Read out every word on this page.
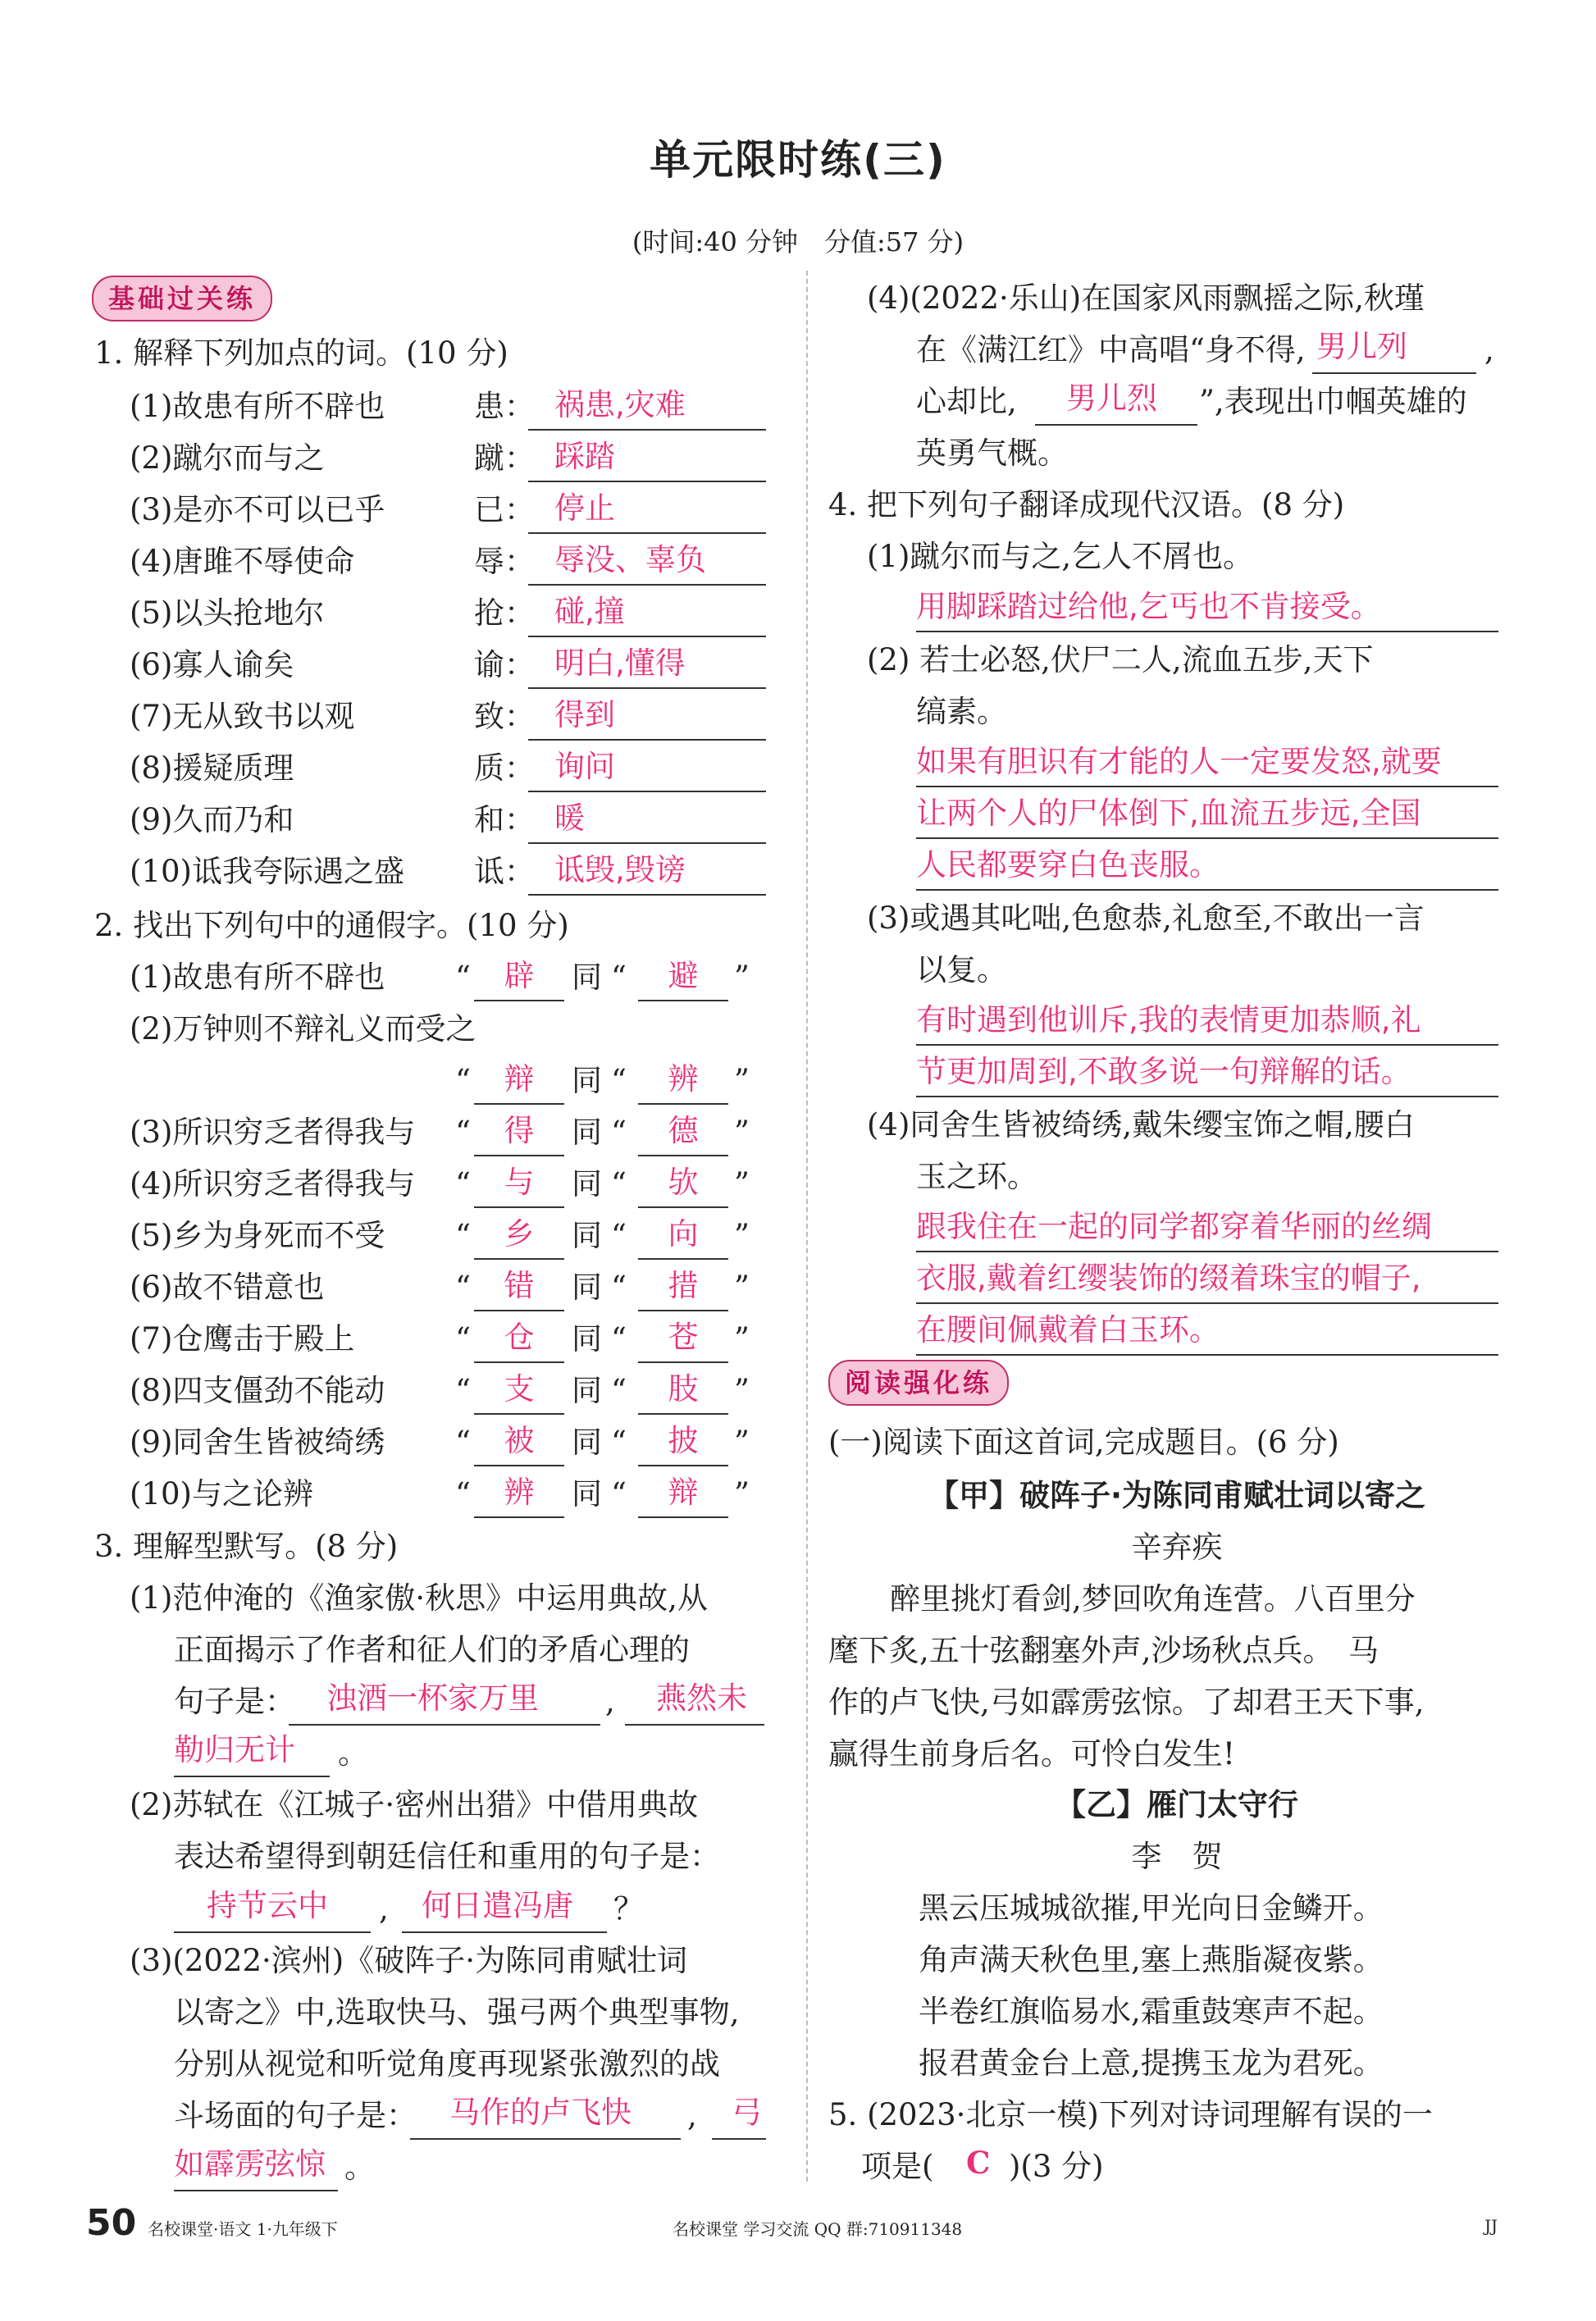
单元限时练(三)
(时间:40 分钟　分值:57 分)
基础过关练
1. 解释下列加点的词。(10 分)
(1)故患有所不辟也	患： 祸患,灾难
(2)蹴尔而与之	蹴： 踩踏
(3)是亦不可以已乎	已： 停止
(4)唐雎不辱使命	辱： 辱没、辜负
(5)以头抢地尔	抢： 碰,撞
(6)寡人谕矣	谕： 明白,懂得
(7)无从致书以观	致： 得到
(8)援疑质理	质： 询问
(9)久而乃和	和： 暖
(10)诋我夸际遇之盛 诋： 诋毁,毁谤
2. 找出下列句中的通假字。(10 分)
(1)故患有所不辟也 “	辟	同 “	避	”
(2)万钟则不辩礼义而受之
“	辩	同 “	辨	”
(3)所识穷乏者得我与 “	得	同 “	德	”
(4)所识穷乏者得我与 “	与	同 “	欤	”
(5)乡为身死而不受 “	乡	同 “	向	”
(6)故不错意也	“	错	同 “	措	”
(7)仓鹰击于殿上	“	仓	同 “	苍	”
(8)四支僵劲不能动 “	支	同 “	肢	”
(9)同舍生皆被绮绣 “	被	同 “	披	”
(10)与之论辨	“	辨	同 “	辩	”
3. 理解型默写。(8 分)
(1)范仲淹的《渔家傲·秋思》中运用典故,从
正面揭示了作者和征人们的矛盾心理的
句子是： 浊酒一杯家万里 , 燕然未
勒归无计 。
(2)苏轼在《江城子·密州出猎》中借用典故
表达希望得到朝廷信任和重用的句子是：
持节云中 , 何日遣冯唐 ？
(3)(2022·滨州)《破阵子·为陈同甫赋壮词
以寄之》中,选取快马、强弓两个典型事物,
分别从视觉和听觉角度再现紧张激烈的战
斗场面的句子是： 马作的卢飞快 , 弓
如霹雳弦惊 。
(4)(2022·乐山)在国家风雨飘摇之际,秋瑾
在《满江红》中高唱“身不得, 男儿列	,
心却比, 男儿烈 ”,表现出巾帼英雄的
英勇气概。
4. 把下列句子翻译成现代汉语。(8 分)
(1)蹴尔而与之,乞人不屑也。
用脚踩踏过给他,乞丐也不肯接受。
(2) 若士必怒,伏尸二人,流血五步,天下
缟素。
如果有胆识有才能的人一定要发怒,就要
让两个人的尸体倒下,血流五步远,全国
人民都要穿白色丧服。
(3)或遇其叱咄,色愈恭,礼愈至,不敢出一言
以复。
有时遇到他训斥,我的表情更加恭顺,礼
节更加周到,不敢多说一句辩解的话。
(4)同舍生皆被绮绣,戴朱缨宝饰之帽,腰白
玉之环。
跟我住在一起的同学都穿着华丽的丝绸
衣服,戴着红缨装饰的缀着珠宝的帽子,
在腰间佩戴着白玉环。
阅读强化练
(一)阅读下面这首词,完成题目。(6 分)
【甲】破阵子·为陈同甫赋壮词以寄之
辛弃疾
醉里挑灯看剑,梦回吹角连营。八百里分
麾下炙,五十弦翻塞外声,沙场秋点兵。　马
作的卢飞快,弓如霹雳弦惊。了却君王天下事,
赢得生前身后名。可怜白发生!
【乙】雁门太守行
李　贺
黑云压城城欲摧,甲光向日金鳞开。
角声满天秋色里,塞上燕脂凝夜紫。
半卷红旗临易水,霜重鼓寒声不起。
报君黄金台上意,提携玉龙为君死。
5. (2023·北京一模)下列对诗词理解有误的一
项是( C )(3 分)
50 名校课堂·语文 1·九年级下	名校课堂 学习交流 QQ 群:710911348	JJ
